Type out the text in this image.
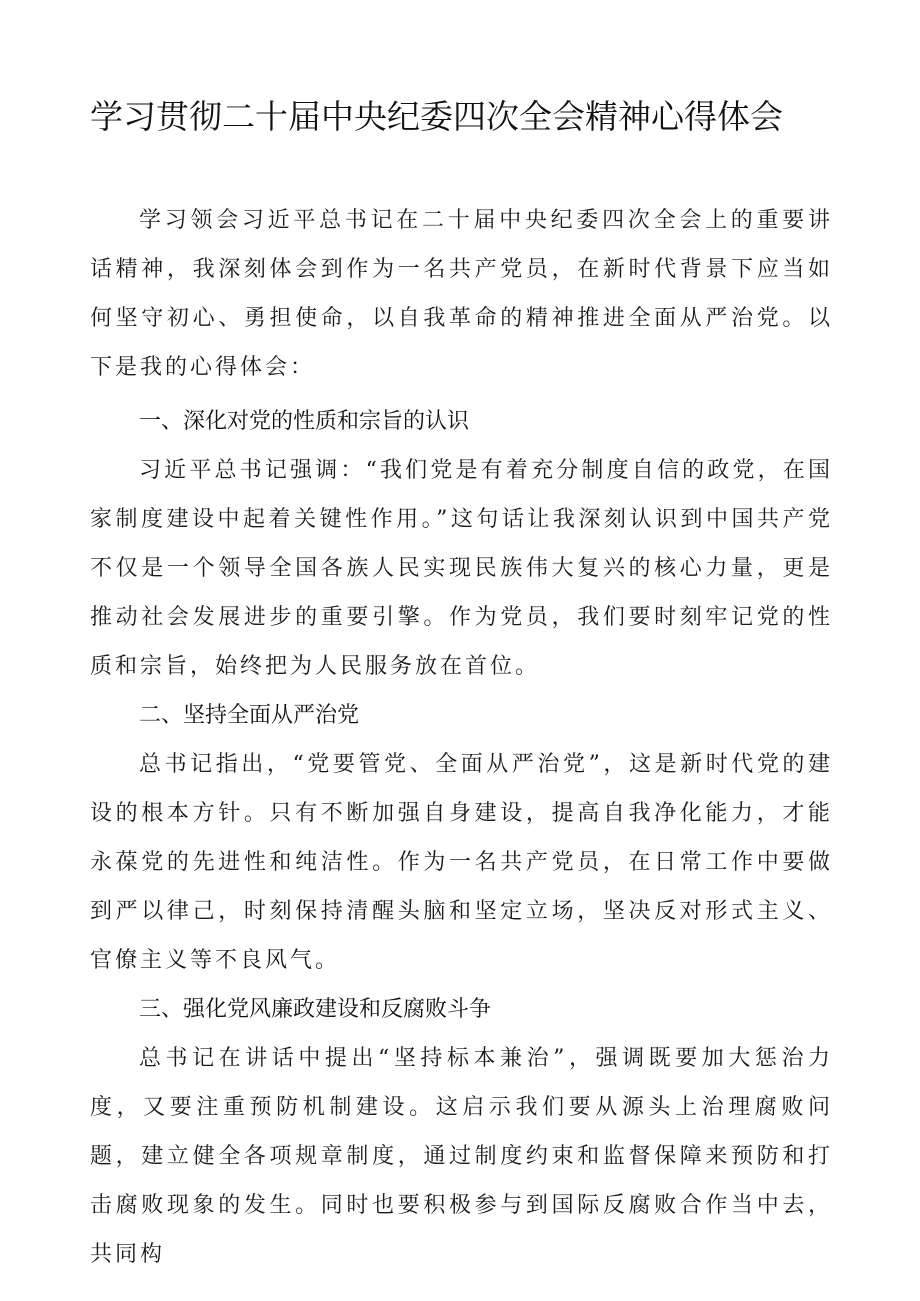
学习贯彻二十届中央纪委四次全会精神心得体会

学习领会习近平总书记在二十届中央纪委四次全会上的重要讲话精神，我深刻体会到作为一名共产党员，在新时代背景下应当如何坚守初心、勇担使命，以自我革命的精神推进全面从严治党。以下是我的心得体会：

一、深化对党的性质和宗旨的认识

习近平总书记强调：“我们党是有着充分制度自信的政党，在国家制度建设中起着关键性作用。”这句话让我深刻认识到中国共产党不仅是一个领导全国各族人民实现民族伟大复兴的核心力量，更是推动社会发展进步的重要引擎。作为党员，我们要时刻牢记党的性质和宗旨，始终把为人民服务放在首位。

二、坚持全面从严治党

总书记指出，“党要管党、全面从严治党”，这是新时代党的建设的根本方针。只有不断加强自身建设，提高自我净化能力，才能永葆党的先进性和纯洁性。作为一名共产党员，在日常工作中要做到严以律己，时刻保持清醒头脑和坚定立场，坚决反对形式主义、官僚主义等不良风气。

三、强化党风廉政建设和反腐败斗争

总书记在讲话中提出“坚持标本兼治”，强调既要加大惩治力度，又要注重预防机制建设。这启示我们要从源头上治理腐败问题，建立健全各项规章制度，通过制度约束和监督保障来预防和打击腐败现象的发生。同时也要积极参与到国际反腐败合作当中去，共同构
